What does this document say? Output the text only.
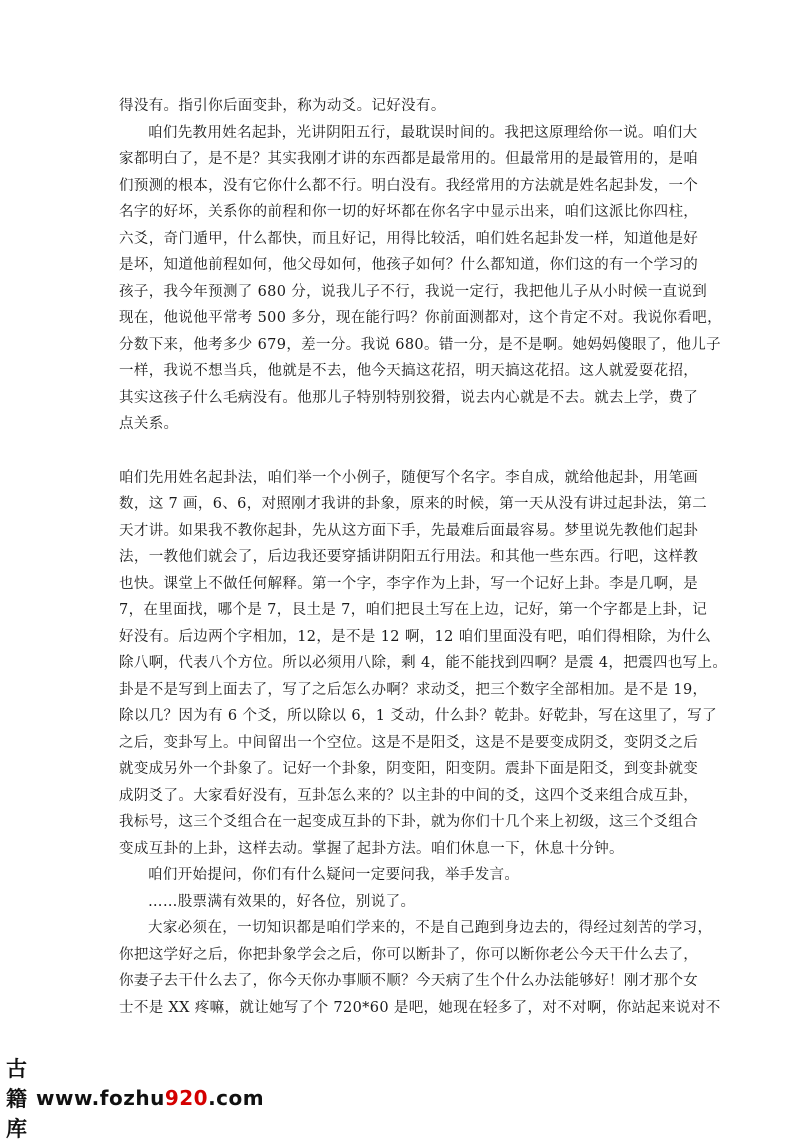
得没有。指引你后面变卦，称为动爻。记好没有。
咱们先教用姓名起卦，光讲阴阳五行，最耽误时间的。我把这原理给你一说。咱们大
家都明白了，是不是？其实我刚才讲的东西都是最常用的。但最常用的是最管用的，是咱
们预测的根本，没有它你什么都不行。明白没有。我经常用的方法就是姓名起卦发，一个
名字的好坏，关系你的前程和你一切的好坏都在你名字中显示出来，咱们这派比你四柱，
六爻，奇门遁甲，什么都快，而且好记，用得比较活，咱们姓名起卦发一样，知道他是好
是坏，知道他前程如何，他父母如何，他孩子如何？什么都知道，你们这的有一个学习的
孩子，我今年预测了 680 分，说我儿子不行，我说一定行，我把他儿子从小时候一直说到
现在，他说他平常考 500 多分，现在能行吗？你前面测都对，这个肯定不对。我说你看吧，
分数下来，他考多少 679，差一分。我说 680。错一分，是不是啊。她妈妈傻眼了，他儿子
一样，我说不想当兵，他就是不去，他今天搞这花招，明天搞这花招。这人就爱耍花招，
其实这孩子什么毛病没有。他那儿子特别特别狡猾，说去内心就是不去。就去上学，费了
点关系。
咱们先用姓名起卦法，咱们举一个小例子，随便写个名字。李自成，就给他起卦，用笔画
数，这 7 画，6、6，对照刚才我讲的卦象，原来的时候，第一天从没有讲过起卦法，第二
天才讲。如果我不教你起卦，先从这方面下手，先最难后面最容易。梦里说先教他们起卦
法，一教他们就会了，后边我还要穿插讲阴阳五行用法。和其他一些东西。行吧，这样教
也快。课堂上不做任何解释。第一个字，李字作为上卦，写一个记好上卦。李是几啊，是
7，在里面找，哪个是 7，艮土是 7，咱们把艮土写在上边，记好，第一个字都是上卦，记
好没有。后边两个字相加，12，是不是 12 啊，12 咱们里面没有吧，咱们得相除，为什么
除八啊，代表八个方位。所以必须用八除，剩 4，能不能找到四啊？是震 4，把震四也写上。
卦是不是写到上面去了，写了之后怎么办啊？求动爻，把三个数字全部相加。是不是 19，
除以几？因为有 6 个爻，所以除以 6，1 爻动，什么卦？乾卦。好乾卦，写在这里了，写了
之后，变卦写上。中间留出一个空位。这是不是阳爻，这是不是要变成阴爻，变阴爻之后
就变成另外一个卦象了。记好一个卦象，阴变阳，阳变阴。震卦下面是阳爻，到变卦就变
成阴爻了。大家看好没有，互卦怎么来的？以主卦的中间的爻，这四个爻来组合成互卦，
我标号，这三个爻组合在一起变成互卦的下卦，就为你们十几个来上初级，这三个爻组合
变成互卦的上卦，这样去动。掌握了起卦方法。咱们休息一下，休息十分钟。
咱们开始提问，你们有什么疑问一定要问我，举手发言。
……股票满有效果的，好各位，别说了。
大家必须在，一切知识都是咱们学来的，不是自己跑到身边去的，得经过刻苦的学习，
你把这学好之后，你把卦象学会之后，你可以断卦了，你可以断你老公今天干什么去了，
你妻子去干什么去了，你今天你办事顺不顺？今天病了生个什么办法能够好！刚才那个女
士不是 XX 疼嘛，就让她写了个 720*60 是吧，她现在轻多了，对不对啊，你站起来说对不
古籍库
www.fozhu920.com
